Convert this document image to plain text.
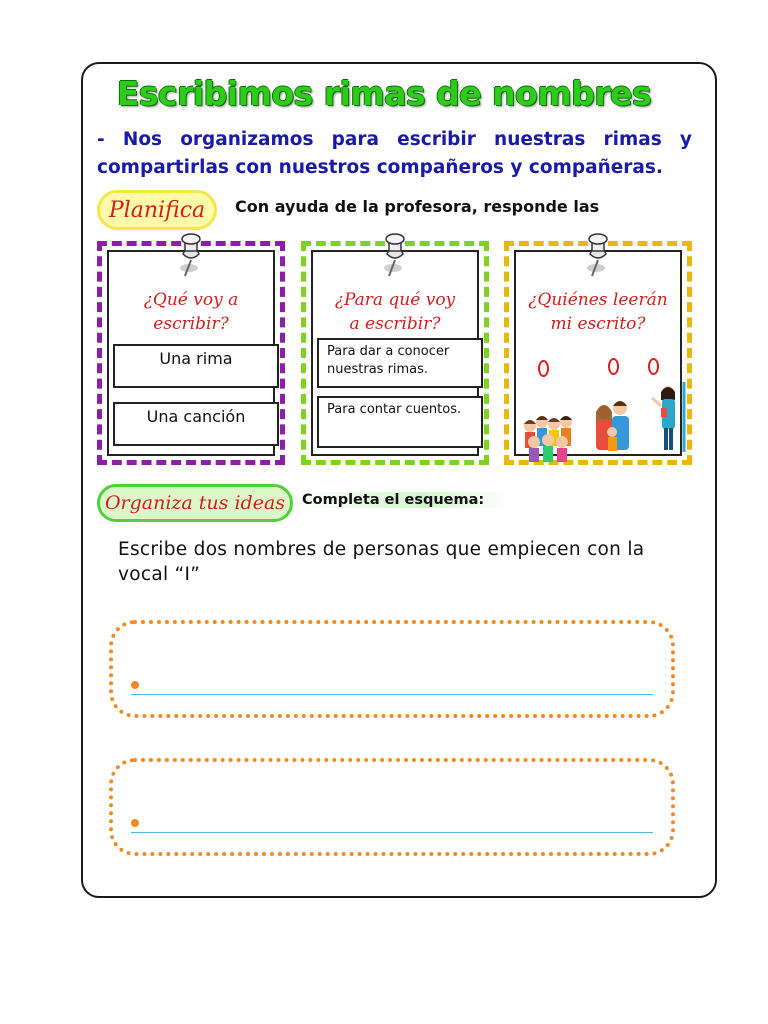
Escribimos rimas de nombres
- Nos organizamos para escribir nuestras rimas y compartirlas con nuestros compañeros y compañeras.
Planifica Con ayuda de la profesora, responde las
¿Qué voy a
escribir?
Una rima
Una canción
¿Para qué voy
a escribir?
Para dar a conocer nuestras rimas.
Para contar cuentos.
¿Quiénes leerán
mi escrito?
Organiza tus ideas Completa el esquema:
Escribe dos nombres de personas que empiecen con la vocal “I”
